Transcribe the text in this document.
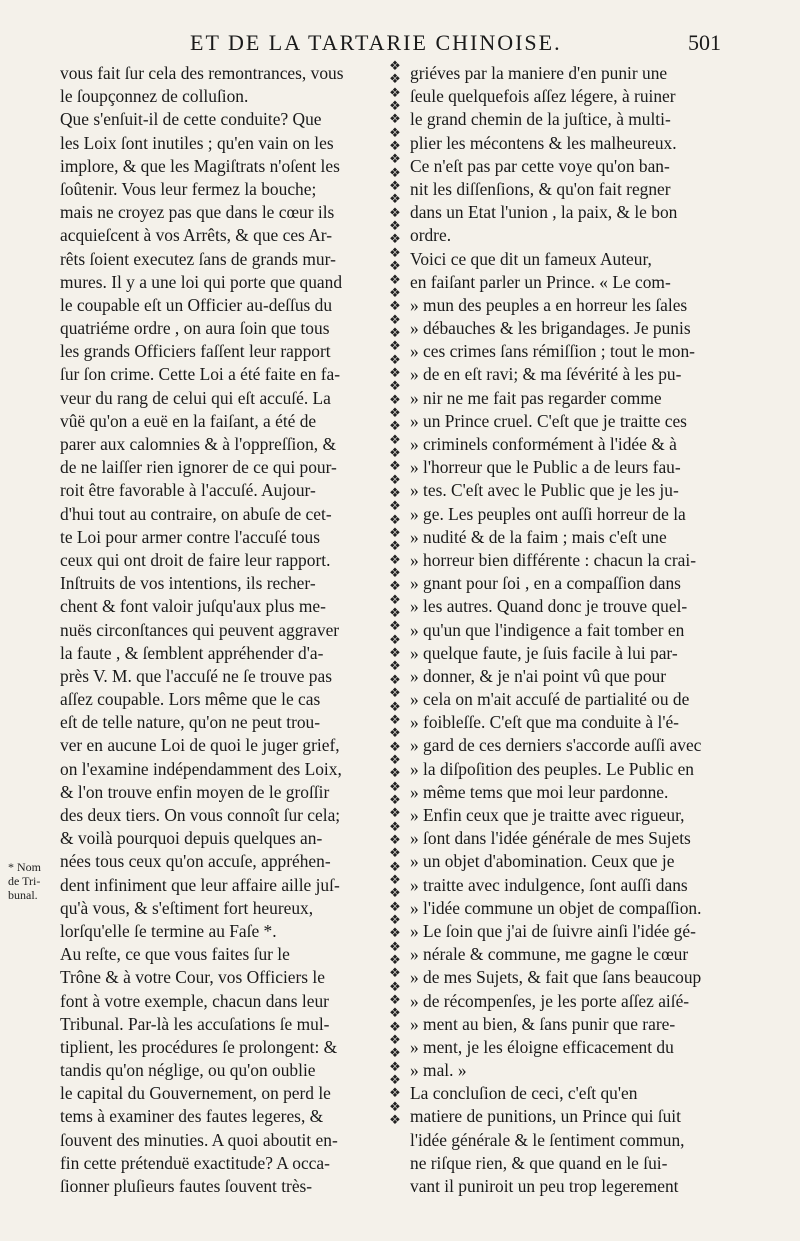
ET DE LA TARTARIE CHINOISE.	501
* Nom
de Tri-
bunal.
vous fait ſur cela des remontrances, vous
le ſoupçonnez de colluſion.
Que s'enſuit-il de cette conduite? Que
les Loix ſont inutiles ; qu'en vain on les
implore, & que les Magiſtrats n'oſent les
ſoûtenir. Vous leur fermez la bouche;
mais ne croyez pas que dans le cœur ils
acquieſcent à vos Arrêts, & que ces Ar-
rêts ſoient executez ſans de grands mur-
mures. Il y a une loi qui porte que quand
le coupable eſt un Officier au-deſſus du
quatriéme ordre , on aura ſoin que tous
les grands Officiers faſſent leur rapport
ſur ſon crime. Cette Loi a été faite en fa-
veur du rang de celui qui eſt accuſé. La
vûë qu'on a euë en la faiſant, a été de
parer aux calomnies & à l'oppreſſion, &
de ne laiſſer rien ignorer de ce qui pour-
roit être favorable à l'accuſé. Aujour-
d'hui tout au contraire, on abuſe de cet-
te Loi pour armer contre l'accuſé tous
ceux qui ont droit de faire leur rapport.
Inſtruits de vos intentions, ils recher-
chent & font valoir juſqu'aux plus me-
nuës circonſtances qui peuvent aggraver
la faute , & ſemblent appréhender d'a-
près V. M. que l'accuſé ne ſe trouve pas
aſſez coupable. Lors même que le cas
eſt de telle nature, qu'on ne peut trou-
ver en aucune Loi de quoi le juger grief,
on l'examine indépendamment des Loix,
& l'on trouve enfin moyen de le groſſir
des deux tiers. On vous connoît ſur cela;
& voilà pourquoi depuis quelques an-
nées tous ceux qu'on accuſe, appréhen-
dent infiniment que leur affaire aille juſ-
qu'à vous, & s'eſtiment fort heureux,
lorſqu'elle ſe termine au Faſe *.
Au reſte, ce que vous faites ſur le
Trône & à votre Cour, vos Officiers le
font à votre exemple, chacun dans leur
Tribunal. Par-là les accuſations ſe mul-
tiplient, les procédures ſe prolongent: &
tandis qu'on néglige, ou qu'on oublie
le capital du Gouvernement, on perd le
tems à examiner des fautes legeres, &
ſouvent des minuties. A quoi aboutit en-
fin cette prétenduë exactitude? A occa-
ſionner pluſieurs fautes ſouvent très-
❖
❖
❖
❖
❖
❖
❖
❖
❖
❖
❖
❖
❖
❖
❖
❖
❖
❖
❖
❖
❖
❖
❖
❖
❖
❖
❖
❖
❖
❖
❖
❖
❖
❖
❖
❖
❖
❖
❖
❖
❖
❖
❖
❖
❖
❖
❖
❖
❖
❖
❖
❖
❖
❖
❖
❖
❖
❖
❖
❖
❖
❖
❖
❖
❖
❖
❖
❖
❖
❖
❖
❖
❖
❖
❖
❖
❖
❖
❖
❖

griéves par la maniere d'en punir une
ſeule quelquefois aſſez légere, à ruiner
le grand chemin de la juſtice, à multi-
plier les mécontens & les malheureux.
Ce n'eſt pas par cette voye qu'on ban-
nit les diſſenſions, & qu'on fait regner
dans un Etat l'union , la paix, & le bon
ordre.
Voici ce que dit un fameux Auteur,
en faiſant parler un Prince. « Le com-
» mun des peuples a en horreur les ſales
» débauches & les brigandages. Je punis
» ces crimes ſans rémiſſion ; tout le mon-
» de en eſt ravi; & ma ſévérité à les pu-
» nir ne me fait pas regarder comme
» un Prince cruel. C'eſt que je traitte ces
» criminels conformément à l'idée & à
» l'horreur que le Public a de leurs fau-
» tes. C'eſt avec le Public que je les ju-
» ge. Les peuples ont auſſi horreur de la
» nudité & de la faim ; mais c'eſt une
» horreur bien différente : chacun la crai-
» gnant pour ſoi , en a compaſſion dans
» les autres. Quand donc je trouve quel-
» qu'un que l'indigence a fait tomber en
» quelque faute, je ſuis facile à lui par-
» donner, & je n'ai point vû que pour
» cela on m'ait accuſé de partialité ou de
» foibleſſe. C'eſt que ma conduite à l'é-
» gard de ces derniers s'accorde auſſi avec
» la diſpoſition des peuples. Le Public en
» même tems que moi leur pardonne.
» Enfin ceux que je traitte avec rigueur,
» ſont dans l'idée générale de mes Sujets
» un objet d'abomination. Ceux que je
» traitte avec indulgence, ſont auſſi dans
» l'idée commune un objet de compaſſion.
» Le ſoin que j'ai de ſuivre ainſi l'idée gé-
» nérale & commune, me gagne le cœur
» de mes Sujets, & fait que ſans beaucoup
» de récompenſes, je les porte aſſez aiſé-
» ment au bien, & ſans punir que rare-
» ment, je les éloigne efficacement du
» mal. »
La concluſion de ceci, c'eſt qu'en
matiere de punitions, un Prince qui ſuit
l'idée générale & le ſentiment commun,
ne riſque rien, & que quand en le ſui-
vant il puniroit un peu trop legerement
